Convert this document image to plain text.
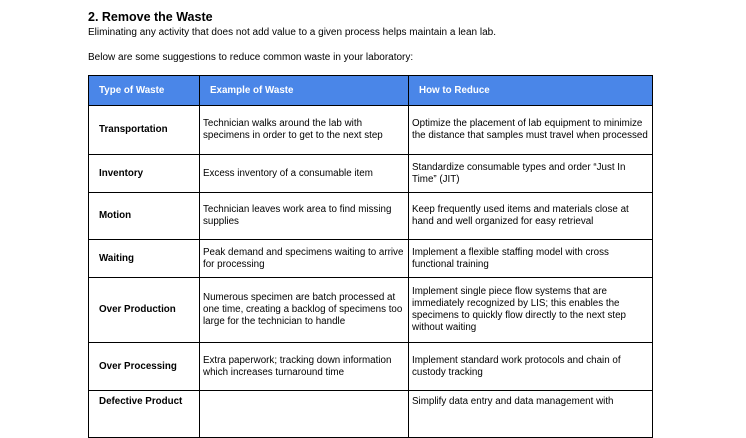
2. Remove the Waste
Eliminating any activity that does not add value to a given process helps maintain a lean lab.
Below are some suggestions to reduce common waste in your laboratory:
Type of Waste	Example of Waste	How to Reduce
Transportation	Technician walks around the lab with specimens in order to get to the next step	Optimize the placement of lab equipment to minimize the distance that samples must travel when processed
Inventory	Excess inventory of a consumable item	Standardize consumable types and order “Just In Time” (JIT)
Motion	Technician leaves work area to find missing supplies	Keep frequently used items and materials close at hand and well organized for easy retrieval
Waiting	Peak demand and specimens waiting to arrive for processing	Implement a flexible staffing model with cross functional training
Over Production	Numerous specimen are batch processed at one time, creating a backlog of specimens too large for the technician to handle	Implement single piece flow systems that are immediately recognized by LIS; this enables the specimens to quickly flow directly to the next step without waiting
Over Processing	Extra paperwork; tracking down information which increases turnaround time	Implement standard work protocols and chain of custody tracking
Defective Product		Simplify data entry and data management with
